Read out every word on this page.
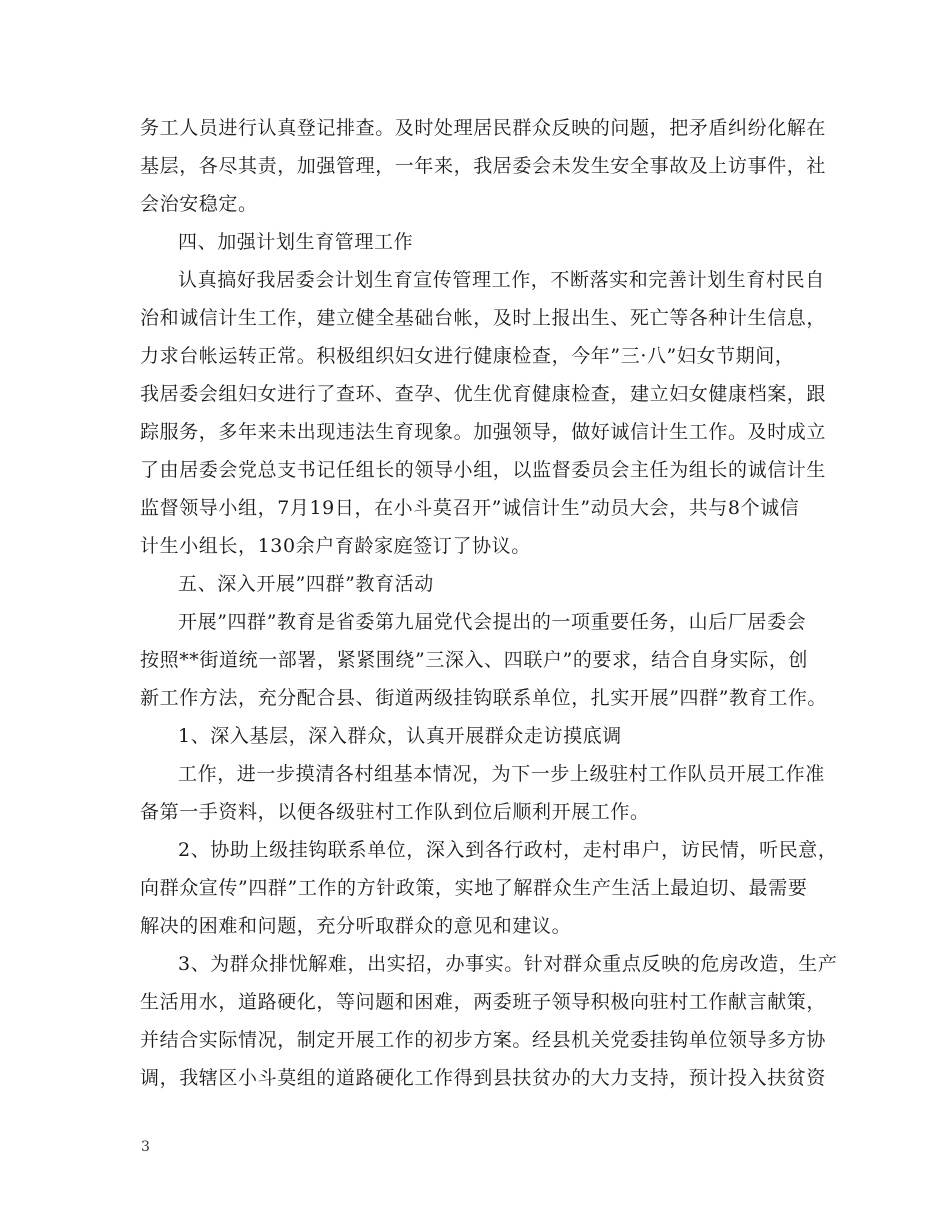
务工人员进行认真登记排查。及时处理居民群众反映的问题，把矛盾纠纷化解在
基层，各尽其责，加强管理，一年来，我居委会未发生安全事故及上访事件，社
会治安稳定。
四、加强计划生育管理工作
认真搞好我居委会计划生育宣传管理工作，不断落实和完善计划生育村民自
治和诚信计生工作，建立健全基础台帐，及时上报出生、死亡等各种计生信息，
力求台帐运转正常。积极组织妇女进行健康检查，今年”三·八”妇女节期间，
我居委会组妇女进行了查环、查孕、优生优育健康检查，建立妇女健康档案，跟
踪服务，多年来未出现违法生育现象。加强领导，做好诚信计生工作。及时成立
了由居委会党总支书记任组长的领导小组，以监督委员会主任为组长的诚信计生
监督领导小组，7月19日，在小斗莫召开”诚信计生”动员大会，共与8个诚信
计生小组长，130余户育龄家庭签订了协议。
五、深入开展”四群”教育活动
开展”四群”教育是省委第九届党代会提出的一项重要任务，山后厂居委会
按照**街道统一部署，紧紧围绕”三深入、四联户”的要求，结合自身实际，创
新工作方法，充分配合县、街道两级挂钩联系单位，扎实开展”四群”教育工作。
1、深入基层，深入群众，认真开展群众走访摸底调
工作，进一步摸清各村组基本情况，为下一步上级驻村工作队员开展工作准
备第一手资料，以便各级驻村工作队到位后顺利开展工作。
2、协助上级挂钩联系单位，深入到各行政村，走村串户，访民情，听民意，
向群众宣传”四群”工作的方针政策，实地了解群众生产生活上最迫切、最需要
解决的困难和问题，充分听取群众的意见和建议。
3、为群众排忧解难，出实招，办事实。针对群众重点反映的危房改造，生产
生活用水，道路硬化，等问题和困难，两委班子领导积极向驻村工作献言献策，
并结合实际情况，制定开展工作的初步方案。经县机关党委挂钩单位领导多方协
调，我辖区小斗莫组的道路硬化工作得到县扶贫办的大力支持，预计投入扶贫资
3
